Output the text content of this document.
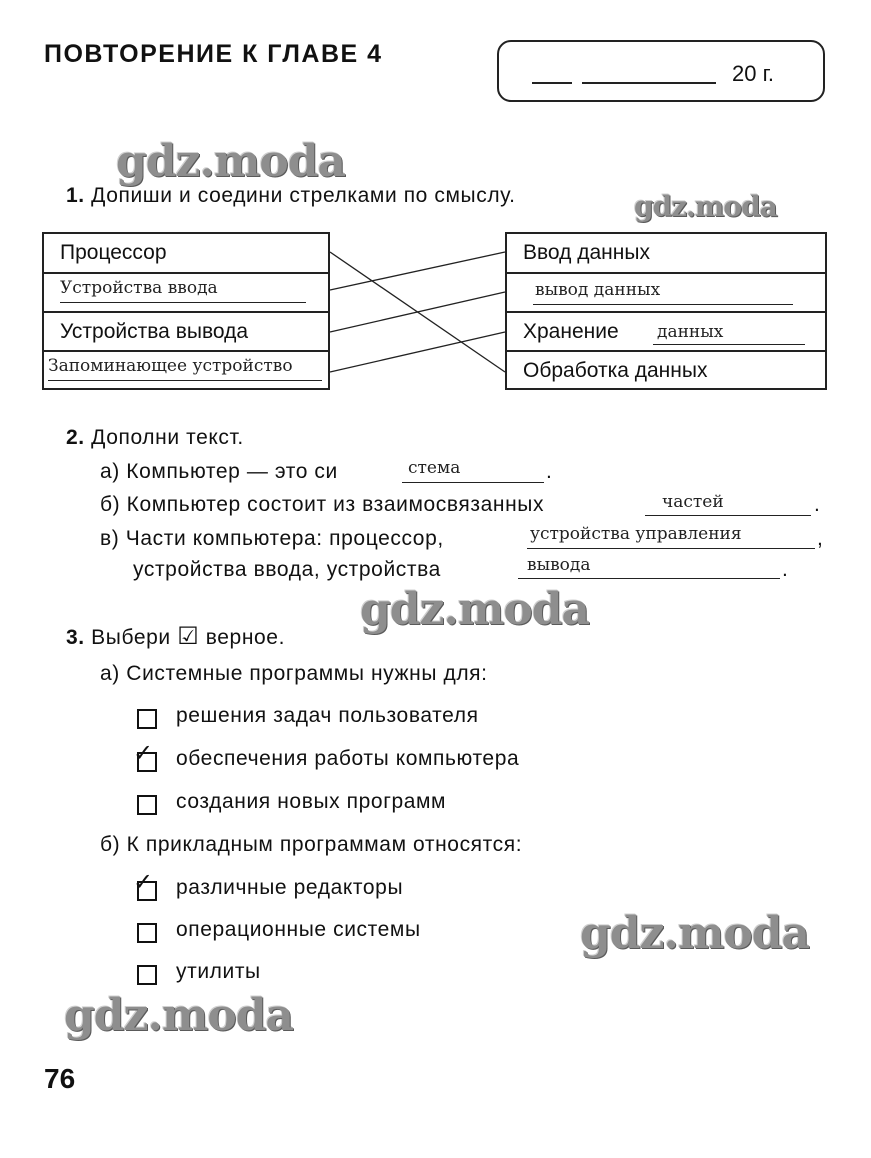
ПОВТОРЕНИЕ К ГЛАВЕ 4
20 г.
gdz.moda
gdz.moda
gdz.moda
gdz.moda
gdz.moda
1. Допиши и соедини стрелками по смыслу.
Процессор
Устройства ввода
Устройства вывода
Запоминающее устройство
Ввод данных
вывод данных
Хранение данных
Обработка данных
2. Дополни текст.
а) Компьютер — это си	стема	.
б) Компьютер состоит из взаимосвязанных	частей	.
в) Части компьютера: процессор,	устройства управления	,
устройства ввода, устройства	вывода	.
3. Выбери ☑ верное.
а) Системные программы нужны для:
решения задач пользователя
✓ обеспечения работы компьютера
создания новых программ
б) К прикладным программам относятся:
✓ различные редакторы
операционные системы
утилиты
76
